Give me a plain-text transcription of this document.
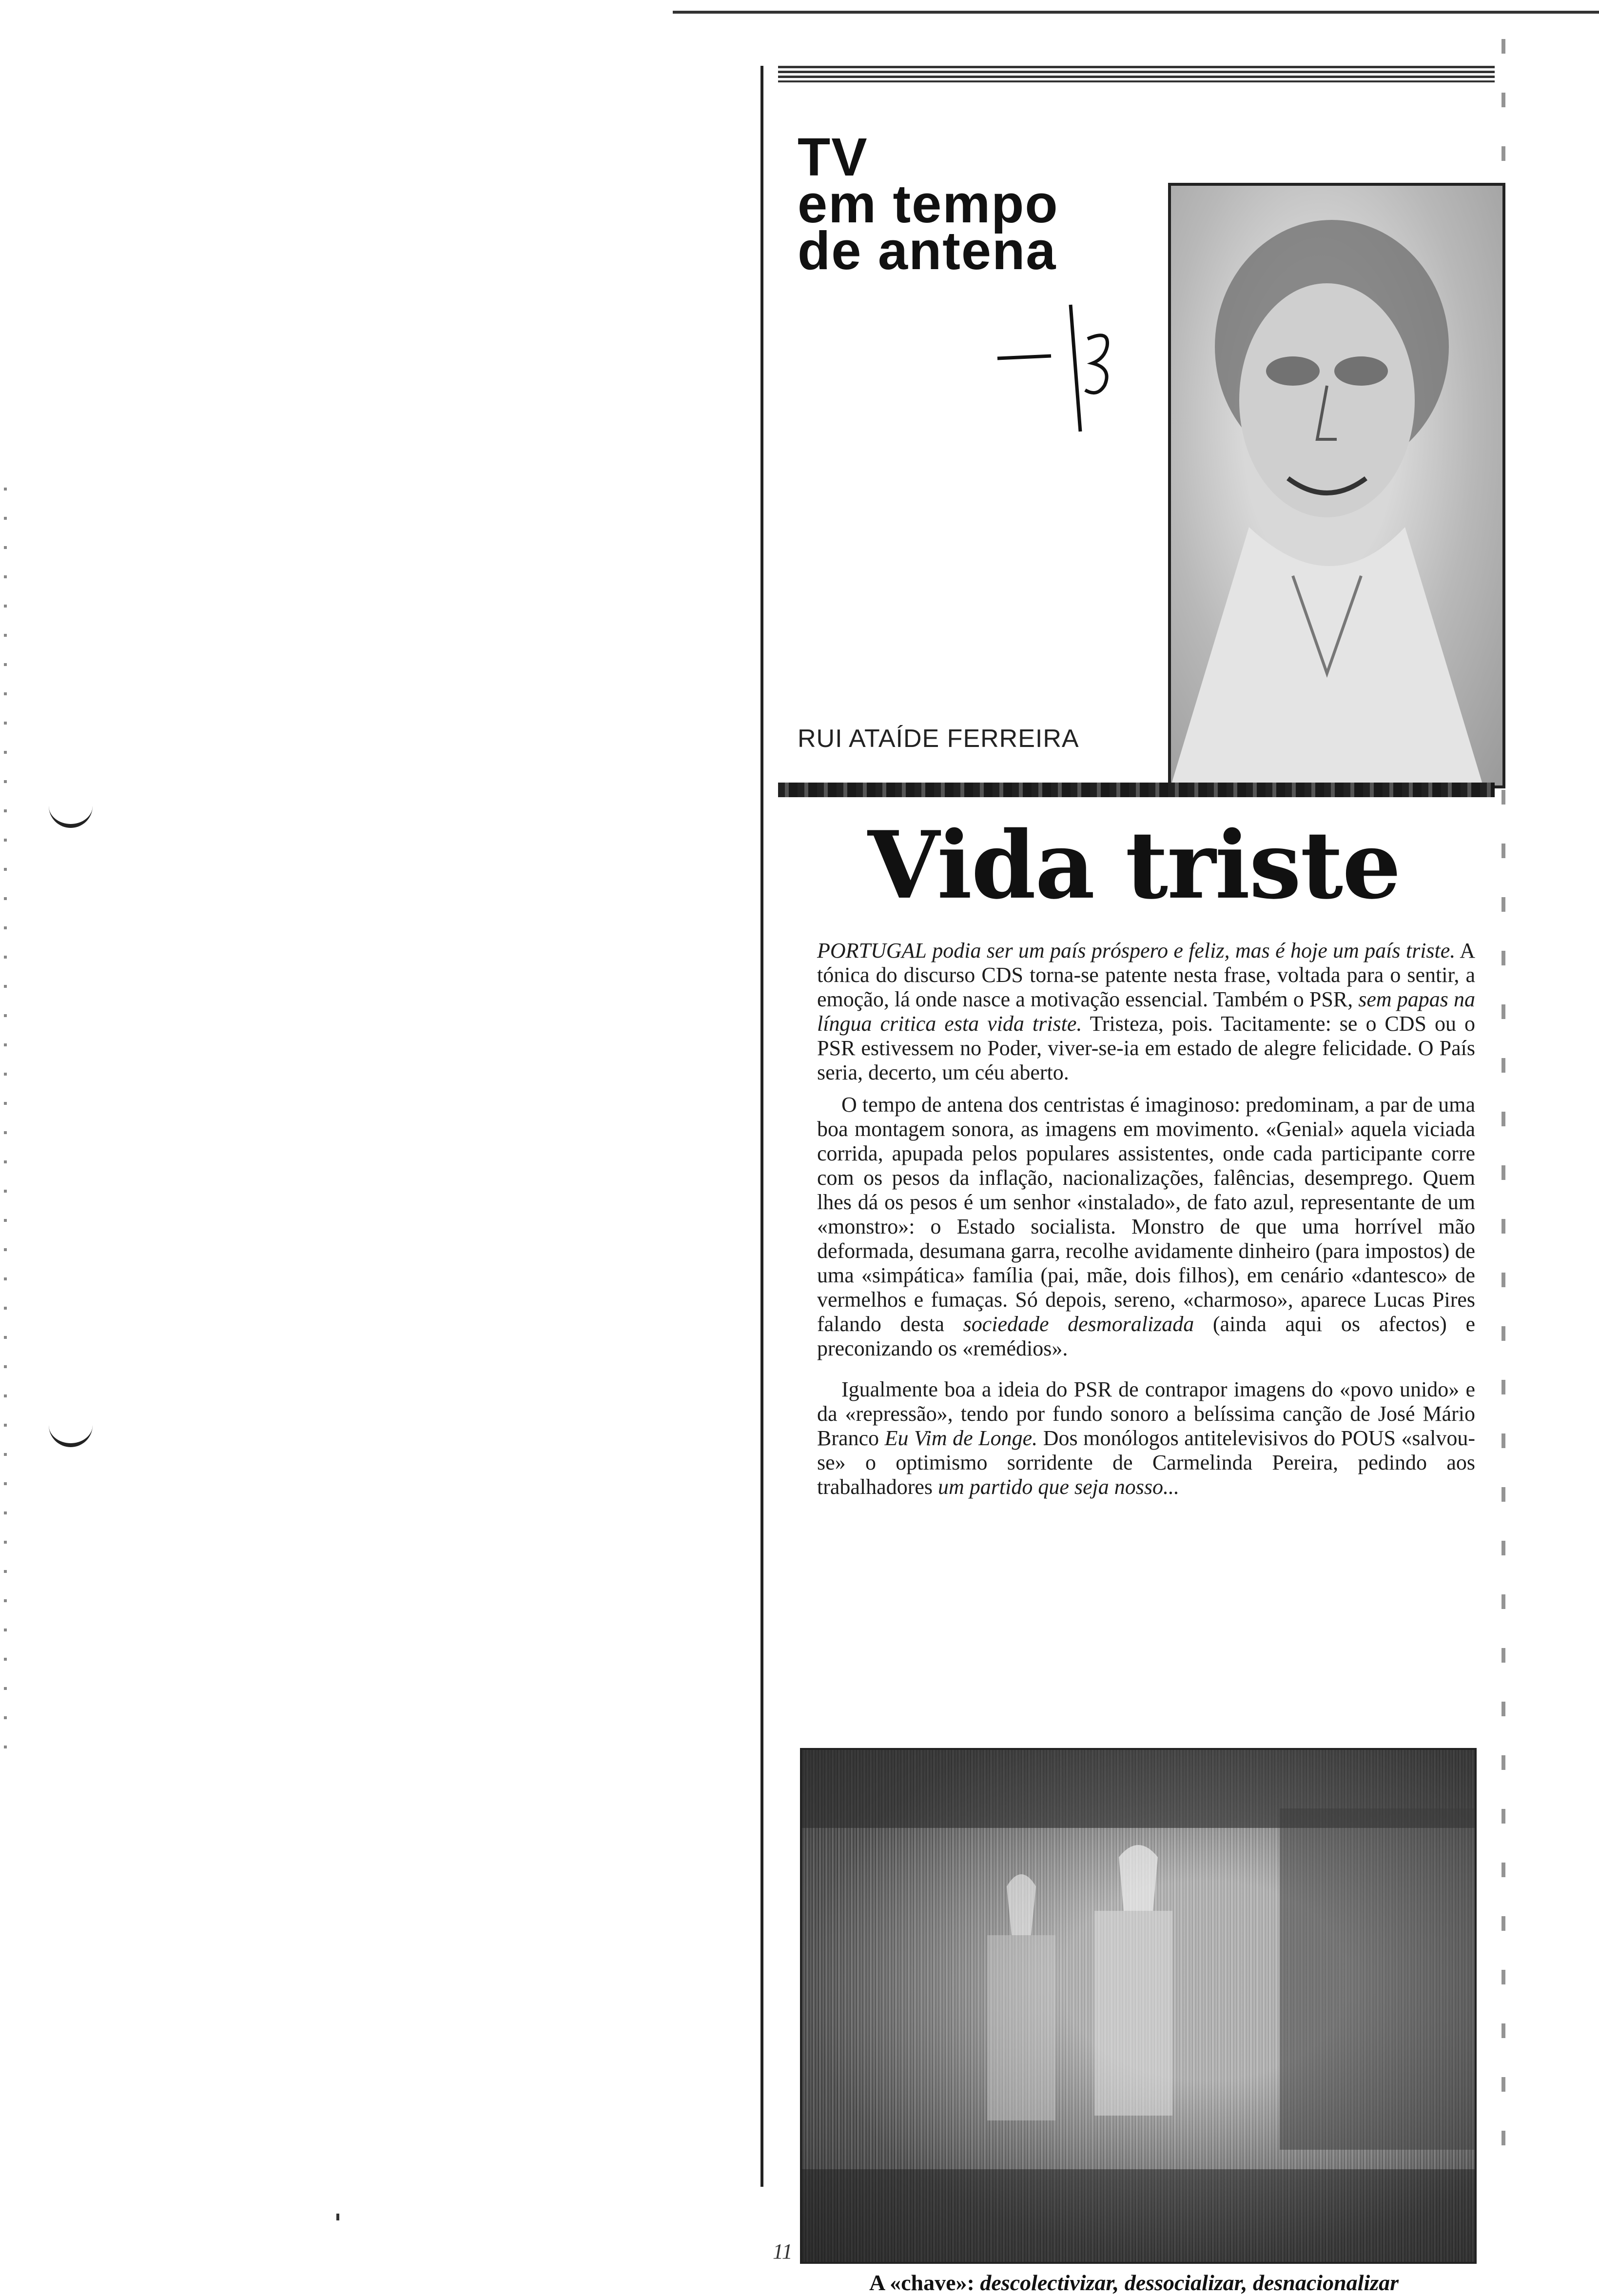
TV
em tempo
de antena
RUI ATAÍDE FERREIRA
Vida triste

PORTUGAL podia ser um país próspero e feliz, mas é hoje um país triste. A tónica do discurso CDS torna-se patente nesta frase, voltada para o sentir, a emoção, lá onde nasce a motivação essencial. Também o PSR, sem papas na língua critica esta vida triste. Tristeza, pois. Tacitamente: se o CDS ou o PSR estivessem no Poder, viver-se-ia em estado de alegre felicidade. O País seria, decerto, um céu aberto.

O tempo de antena dos centristas é imaginoso: predominam, a par de uma boa montagem sonora, as imagens em movimento. «Genial» aquela viciada corrida, apupada pelos populares assistentes, onde cada participante corre com os pesos da inflação, nacionalizações, falências, desemprego. Quem lhes dá os pesos é um senhor «instalado», de fato azul, representante de um «monstro»: o Estado socialista. Monstro de que uma horrível mão deformada, desumana garra, recolhe avidamente dinheiro (para impostos) de uma «simpática» família (pai, mãe, dois filhos), em cenário «dantesco» de vermelhos e fumaças. Só depois, sereno, «charmoso», aparece Lucas Pires falando desta sociedade desmoralizada (ainda aqui os afectos) e preconizando os «remédios».

Igualmente boa a ideia do PSR de contrapor imagens do «povo unido» e da «repressão», tendo por fundo sonoro a belíssima canção de José Mário Branco Eu Vim de Longe. Dos monólogos antitelevisivos do POUS «salvou-se» o optimismo sorridente de Carmelinda Pereira, pedindo aos trabalhadores um partido que seja nosso...

A «chave»: descolectivizar, dessocializar, desnacionalizar
11
